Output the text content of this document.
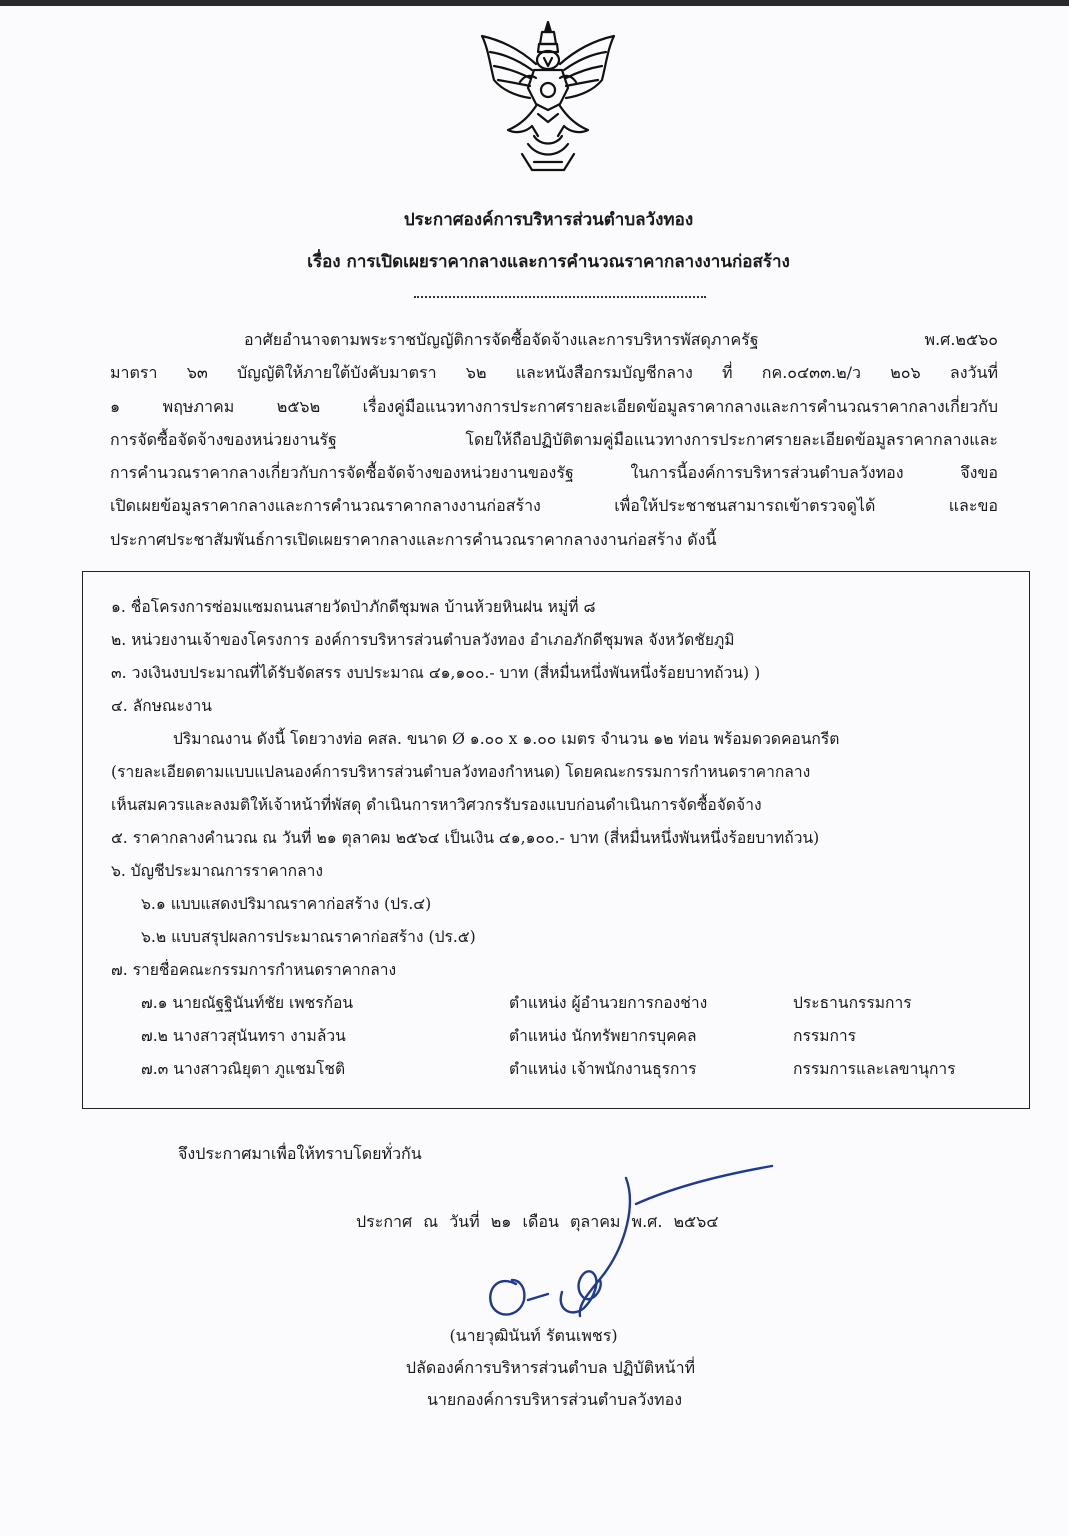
ประกาศองค์การบริหารส่วนตำบลวังทอง
เรื่อง การเปิดเผยราคากลางและการคำนวณราคากลางงานก่อสร้าง
อาศัยอำนาจตามพระราชบัญญัติการจัดซื้อจัดจ้างและการบริหารพัสดุภาครัฐ พ.ศ.๒๕๖๐
มาตรา ๖๓ บัญญัติให้ภายใต้บังคับมาตรา ๖๒ และหนังสือกรมบัญชีกลาง ที่ กค.๐๔๓๓.๒/ว ๒๐๖ ลงวันที่
๑ พฤษภาคม ๒๕๖๒ เรื่องคู่มือแนวทางการประกาศรายละเอียดข้อมูลราคากลางและการคำนวณราคากลางเกี่ยวกับ
การจัดซื้อจัดจ้างของหน่วยงานรัฐ โดยให้ถือปฏิบัติตามคู่มือแนวทางการประกาศรายละเอียดข้อมูลราคากลางและ
การคำนวณราคากลางเกี่ยวกับการจัดซื้อจัดจ้างของหน่วยงานของรัฐ ในการนี้องค์การบริหารส่วนตำบลวังทอง จึงขอ
เปิดเผยข้อมูลราคากลางและการคำนวณราคากลางงานก่อสร้าง เพื่อให้ประชาชนสามารถเข้าตรวจดูได้ และขอ
ประกาศประชาสัมพันธ์การเปิดเผยราคากลางและการคำนวณราคากลางงานก่อสร้าง ดังนี้
๑. ชื่อโครงการซ่อมแซมถนนสายวัดป่าภักดีชุมพล บ้านห้วยหินฝน หมู่ที่ ๘
๒. หน่วยงานเจ้าของโครงการ องค์การบริหารส่วนตำบลวังทอง อำเภอภักดีชุมพล จังหวัดชัยภูมิ
๓. วงเงินงบประมาณที่ได้รับจัดสรร งบประมาณ ๔๑,๑๐๐.- บาท (สี่หมื่นหนึ่งพันหนึ่งร้อยบาทถ้วน) )
๔. ลักษณะงาน
ปริมาณงาน ดังนี้ โดยวางท่อ คสล. ขนาด Ø ๑.๐๐ x ๑.๐๐ เมตร จำนวน ๑๒ ท่อน พร้อมดวดคอนกรีต
(รายละเอียดตามแบบแปลนองค์การบริหารส่วนตำบลวังทองกำหนด) โดยคณะกรรมการกำหนดราคากลาง
เห็นสมควรและลงมติให้เจ้าหน้าที่พัสดุ ดำเนินการหาวิศวกรรับรองแบบก่อนดำเนินการจัดซื้อจัดจ้าง
๕. ราคากลางคำนวณ ณ วันที่ ๒๑ ตุลาคม ๒๕๖๔ เป็นเงิน ๔๑,๑๐๐.- บาท (สี่หมื่นหนึ่งพันหนึ่งร้อยบาทถ้วน)
๖. บัญชีประมาณการราคากลาง
๖.๑ แบบแสดงปริมาณราคาก่อสร้าง (ปร.๔)
๖.๒ แบบสรุปผลการประมาณราคาก่อสร้าง (ปร.๕)
๗. รายชื่อคณะกรรมการกำหนดราคากลาง
๗.๑ นายณัฐฐินันท์ชัย เพชรก้อน	ตำแหน่ง ผู้อำนวยการกองช่าง	ประธานกรรมการ
๗.๒ นางสาวสุนันทรา งามล้วน	ตำแหน่ง นักทรัพยากรบุคคล	กรรมการ
๗.๓ นางสาวณิยุตา ภูแชมโชติ	ตำแหน่ง เจ้าพนักงานธุรการ	กรรมการและเลขานุการ
จึงประกาศมาเพื่อให้ทราบโดยทั่วกัน
ประกาศ ณ วันที่ ๒๑ เดือน ตุลาคม พ.ศ. ๒๕๖๔
(นายวุฒินันท์ รัตนเพชร)
ปลัดองค์การบริหารส่วนตำบล ปฏิบัติหน้าที่
นายกองค์การบริหารส่วนตำบลวังทอง
